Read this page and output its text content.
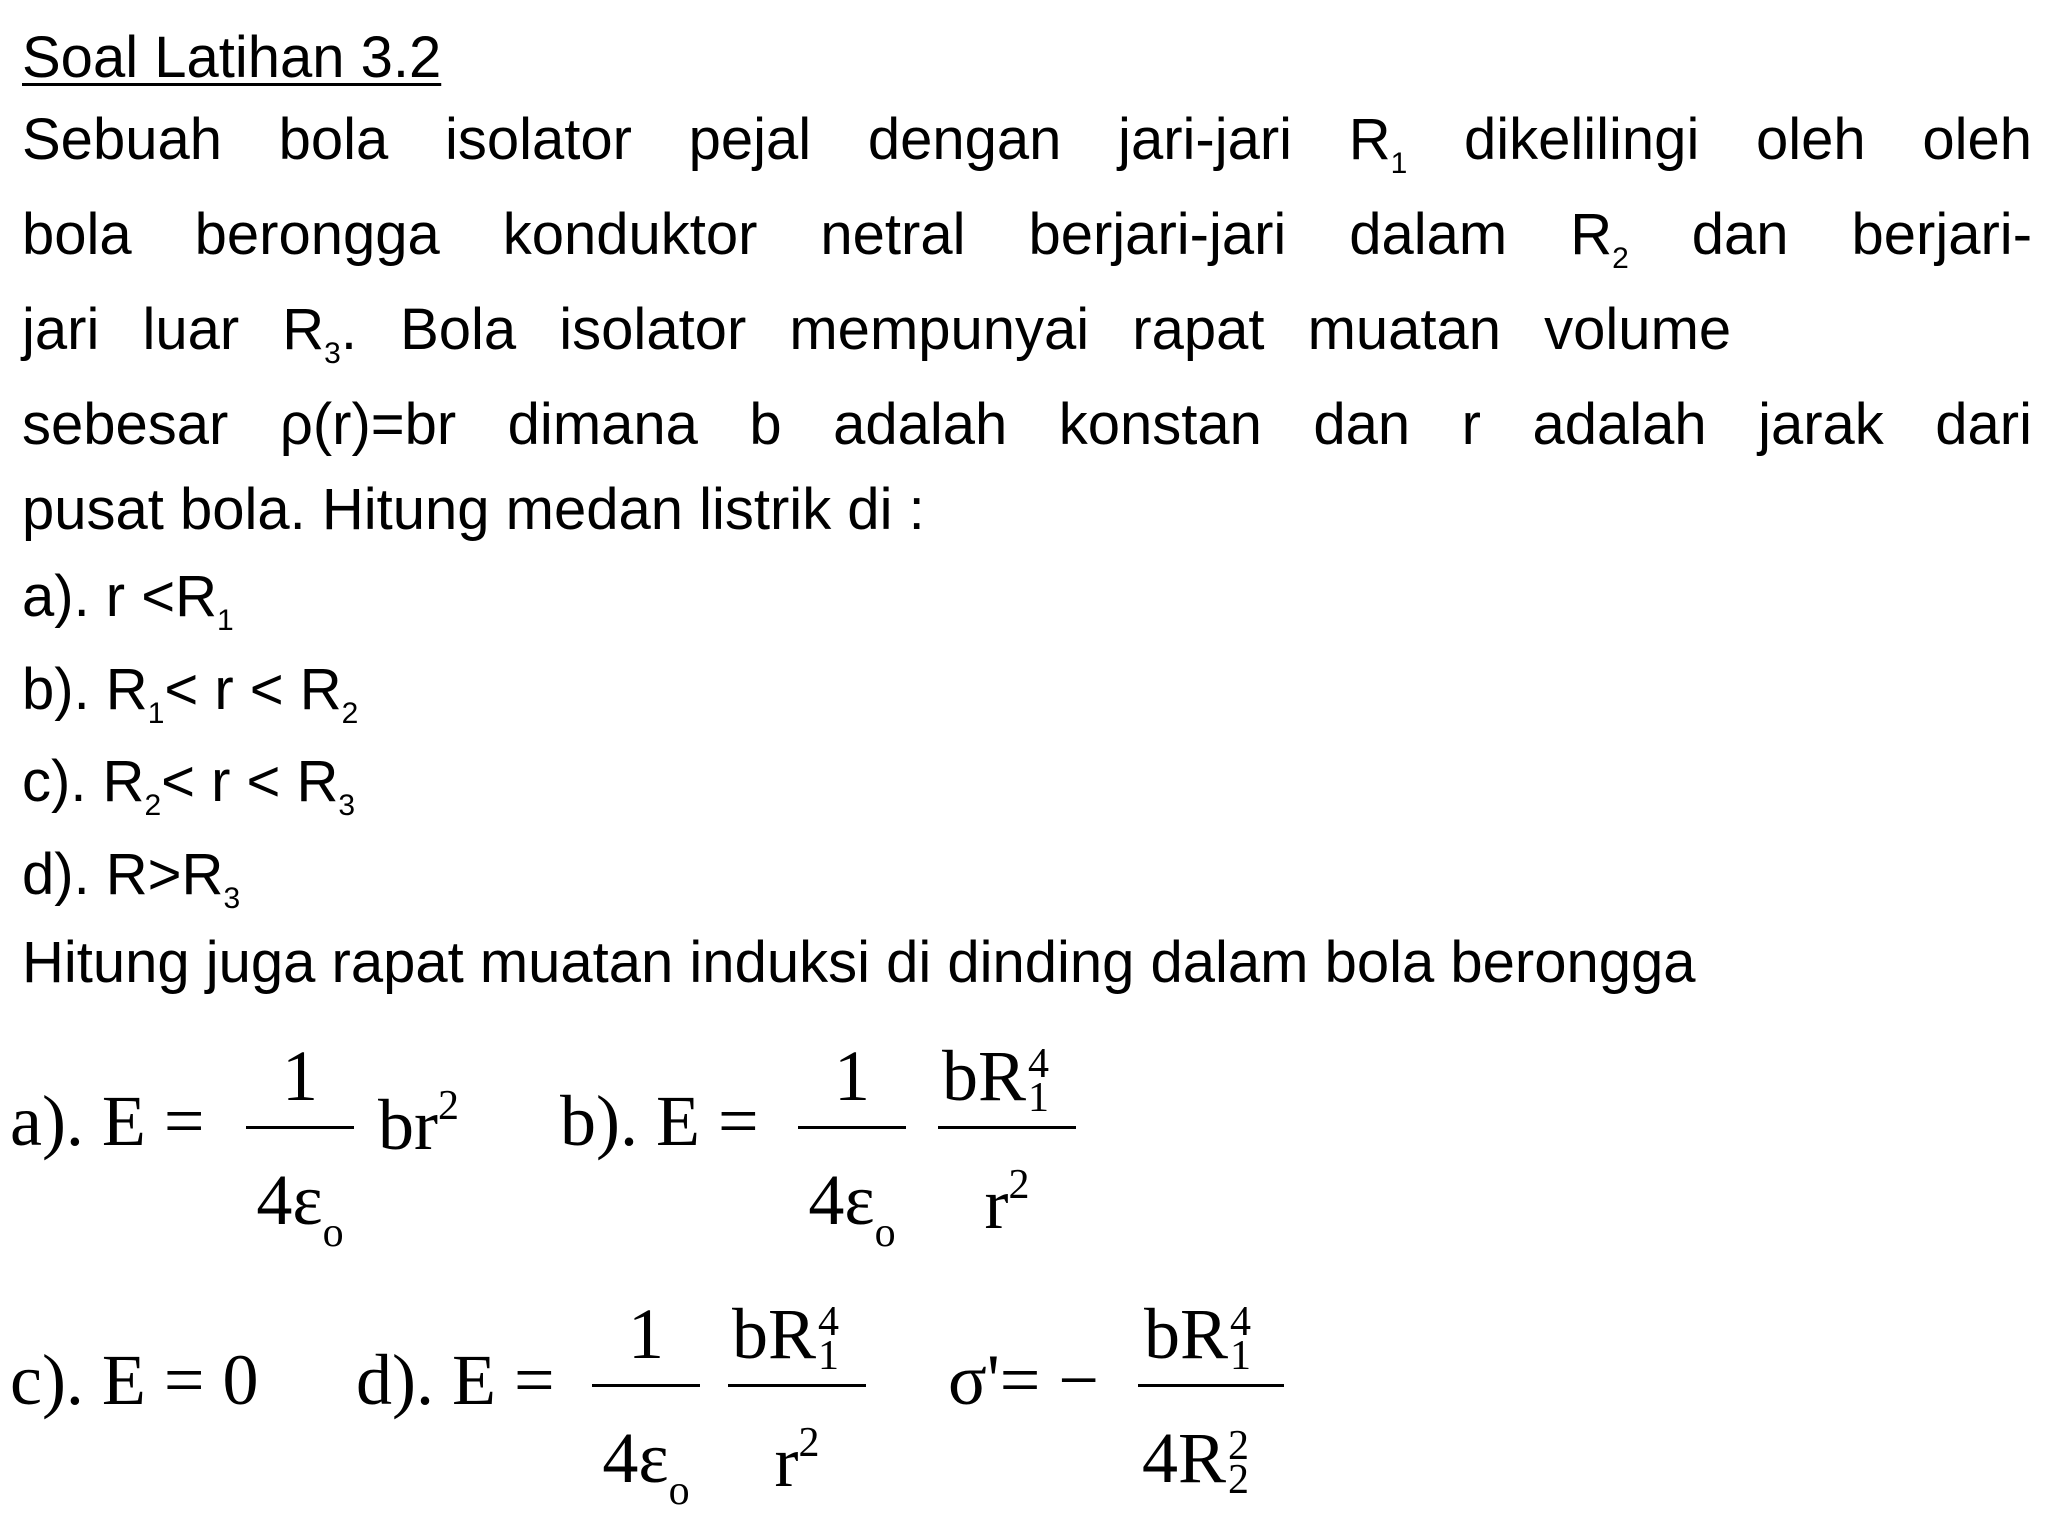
Soal Latihan 3.2
Sebuah bola isolator pejal dengan jari-jari $R_1$ dikelilingi oleh oleh
bola berongga konduktor netral berjari-jari dalam $R_2$ dan berjari-
jari luar $R_3$. Bola isolator mempunyai rapat muatan volume
sebesar ρ(r)=br dimana b adalah konstan dan r adalah jarak dari
pusat bola. Hitung medan listrik di :
a). $r <R_1$
b). $R_1< r < R_2$
c). $R_2< r < R_3$
d). $R>R_3$
Hitung juga rapat muatan induksi di dinding dalam bola berongga
a). E =
1
$4\varepsilon_o$
$br^2$ b). E =
1
$4\varepsilon_o$
bR 4
1
$r^2$
c). E = 0 d). E =
1
$4\varepsilon_o$
bR 4
1
$r^2$
σ'= −
bR 4
1
4R 2
2
